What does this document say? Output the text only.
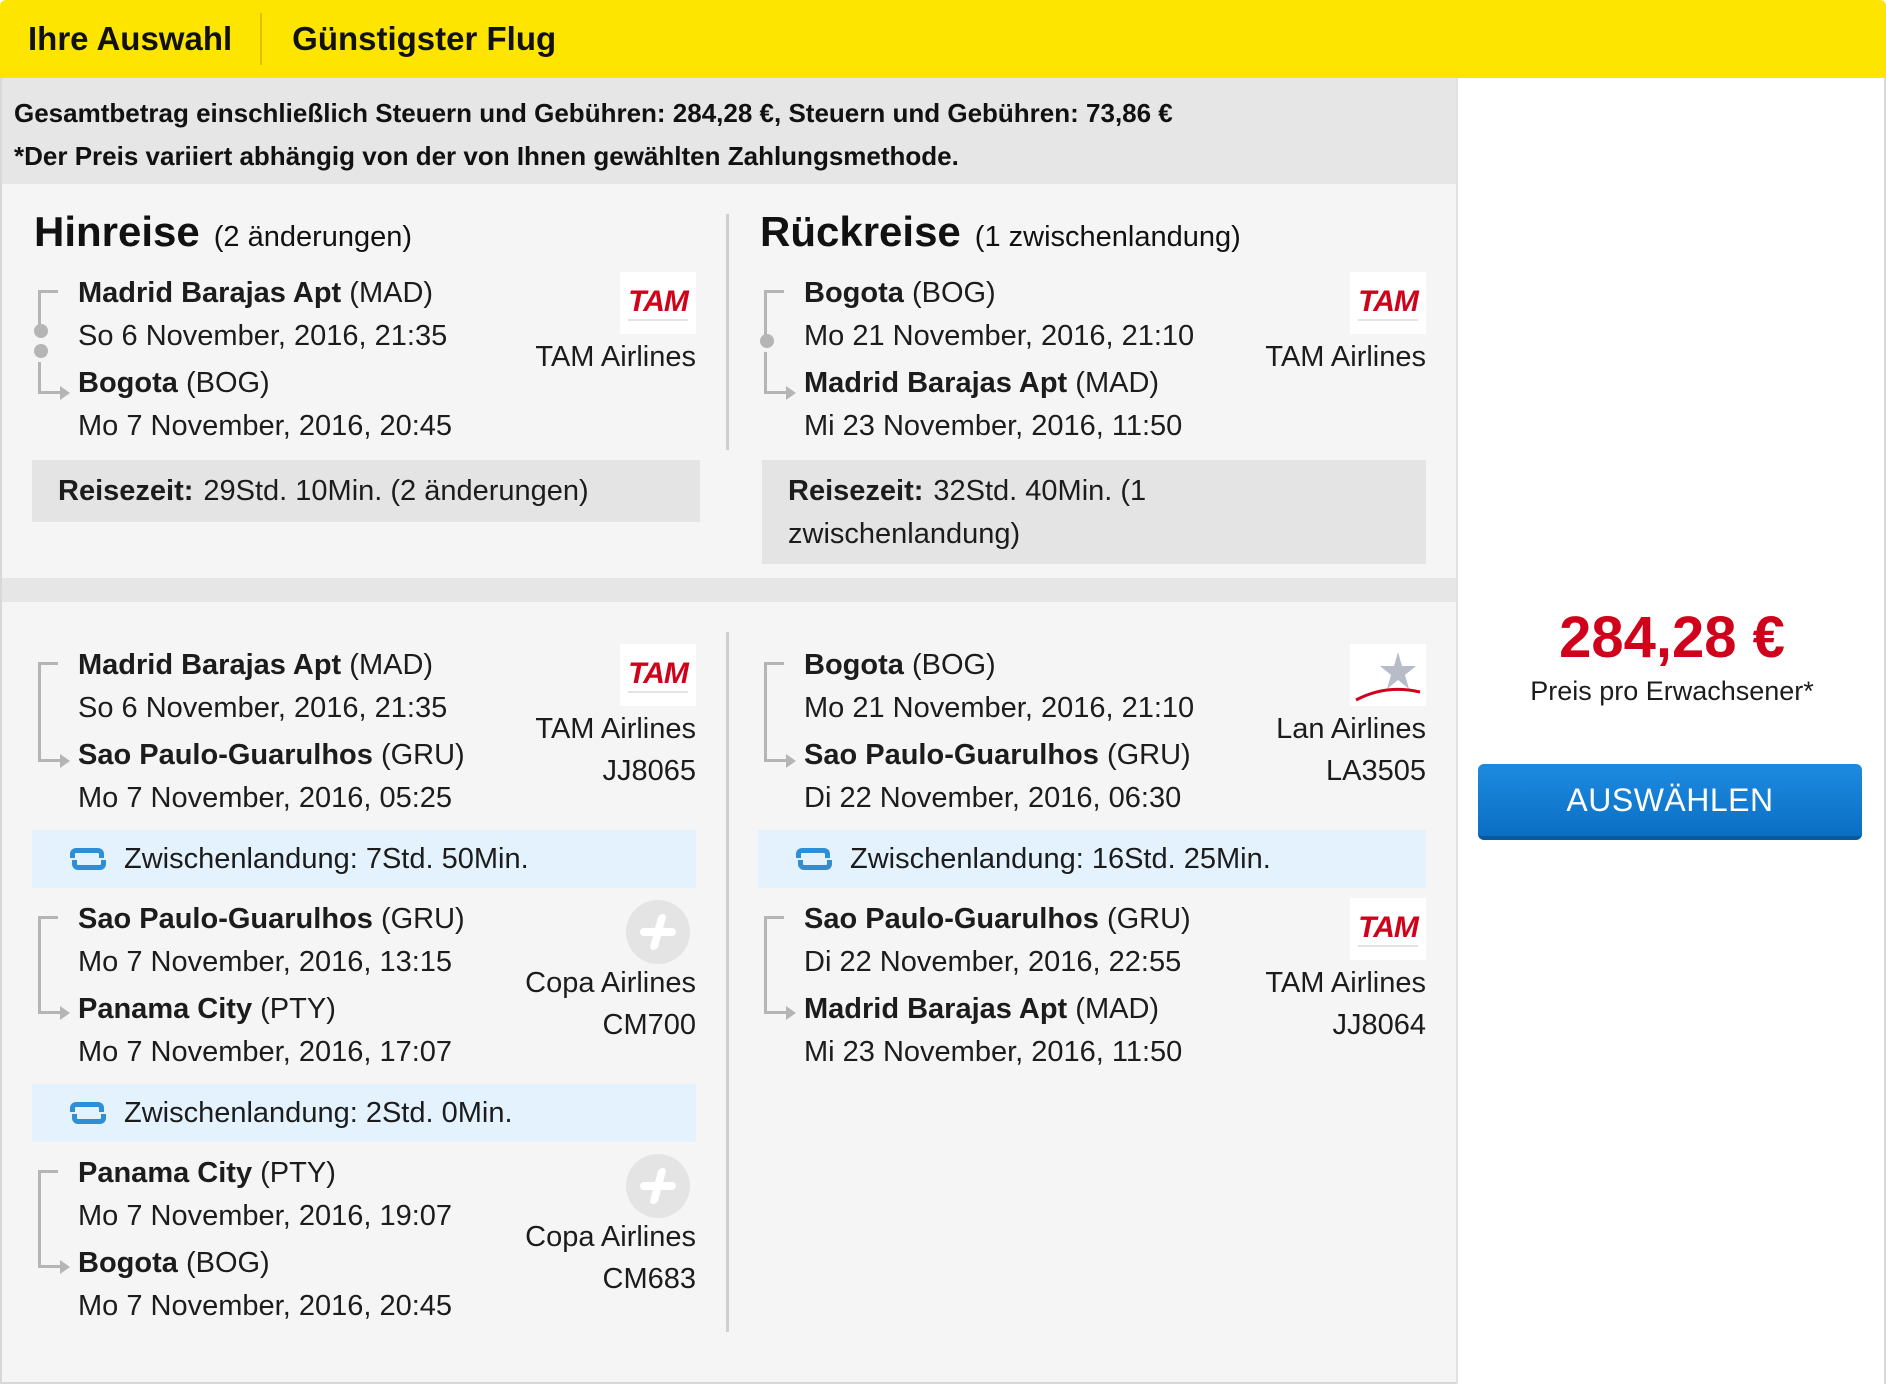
Ihre Auswahl	Günstigster Flug
Gesamtbetrag einschließlich Steuern und Gebühren: 284,28 €, Steuern und Gebühren: 73,86 €
*Der Preis variiert abhängig von der von Ihnen gewählten Zahlungsmethode.
Hinreise (2 änderungen)
Madrid Barajas Apt (MAD)
So 6 November, 2016, 21:35
Bogota (BOG)
Mo 7 November, 2016, 20:45
TAM
TAM Airlines
Reisezeit: 29Std. 10Min. (2 änderungen)
Rückreise (1 zwischenlandung)
Bogota (BOG)
Mo 21 November, 2016, 21:10
Madrid Barajas Apt (MAD)
Mi 23 November, 2016, 11:50
TAM
TAM Airlines
Reisezeit: 32Std. 40Min. (1
zwischenlandung)
Madrid Barajas Apt (MAD)
So 6 November, 2016, 21:35
Sao Paulo-Guarulhos (GRU)
Mo 7 November, 2016, 05:25
TAM
TAM Airlines
JJ8065
Zwischenlandung: 7Std. 50Min.
Sao Paulo-Guarulhos (GRU)
Mo 7 November, 2016, 13:15
Panama City (PTY)
Mo 7 November, 2016, 17:07
Copa Airlines
CM700
Zwischenlandung: 2Std. 0Min.
Panama City (PTY)
Mo 7 November, 2016, 19:07
Bogota (BOG)
Mo 7 November, 2016, 20:45
Copa Airlines
CM683
Bogota (BOG)
Mo 21 November, 2016, 21:10
Sao Paulo-Guarulhos (GRU)
Di 22 November, 2016, 06:30
Lan Airlines
LA3505
Zwischenlandung: 16Std. 25Min.
Sao Paulo-Guarulhos (GRU)
Di 22 November, 2016, 22:55
Madrid Barajas Apt (MAD)
Mi 23 November, 2016, 11:50
TAM
TAM Airlines
JJ8064
284,28 €
Preis pro Erwachsener*
AUSWÄHLEN
